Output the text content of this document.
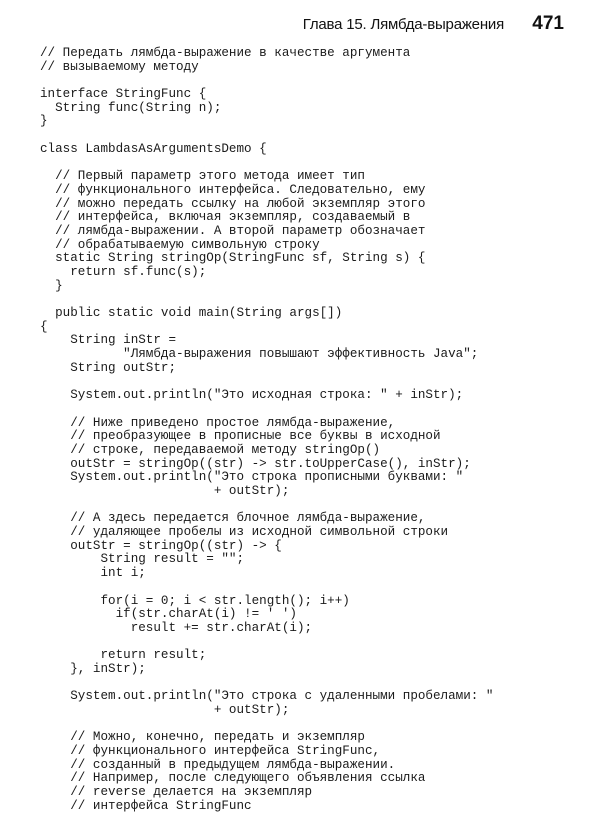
Глава 15. Лямбда-выражения 471
// Передать лямбда-выражение в качестве аргумента
// вызываемому методу
interface StringFunc {
String func(String n);
}
class LambdasAsArgumentsDemo {
// Первый параметр этого метода имеет тип
// функционального интерфейса. Следовательно, ему
// можно передать ссылку на любой экземпляр этого
// интерфейса, включая экземпляр, создаваемый в
// лямбда-выражении. А второй параметр обозначает
// обрабатываемую символьную строку
static String stringOp(StringFunc sf, String s) {
return sf.func(s);
}
public static void main(String args[])
{
String inStr =
"Лямбда-выражения повышают эффективность Java";
String outStr;
System.out.println("Это исходная строка: " + inStr);
// Ниже приведено простое лямбда-выражение,
// преобразующее в прописные все буквы в исходной
// строке, передаваемой методу stringOp()
outStr = stringOp((str) -> str.toUpperCase(), inStr);
System.out.println("Это строка прописными буквами: "
+ outStr);
// А здесь передается блочное лямбда-выражение,
// удаляющее пробелы из исходной символьной строки
outStr = stringOp((str) -> {
String result = "";
int i;
for(i = 0; i < str.length(); i++)
if(str.charAt(i) != ' ')
result += str.charAt(i);
return result;
}, inStr);
System.out.println("Это строка с удаленными пробелами: "
+ outStr);
// Можно, конечно, передать и экземпляр
// функционального интерфейса StringFunc,
// созданный в предыдущем лямбда-выражении.
// Например, после следующего объявления ссылка
// reverse делается на экземпляр
// интерфейса StringFunc
